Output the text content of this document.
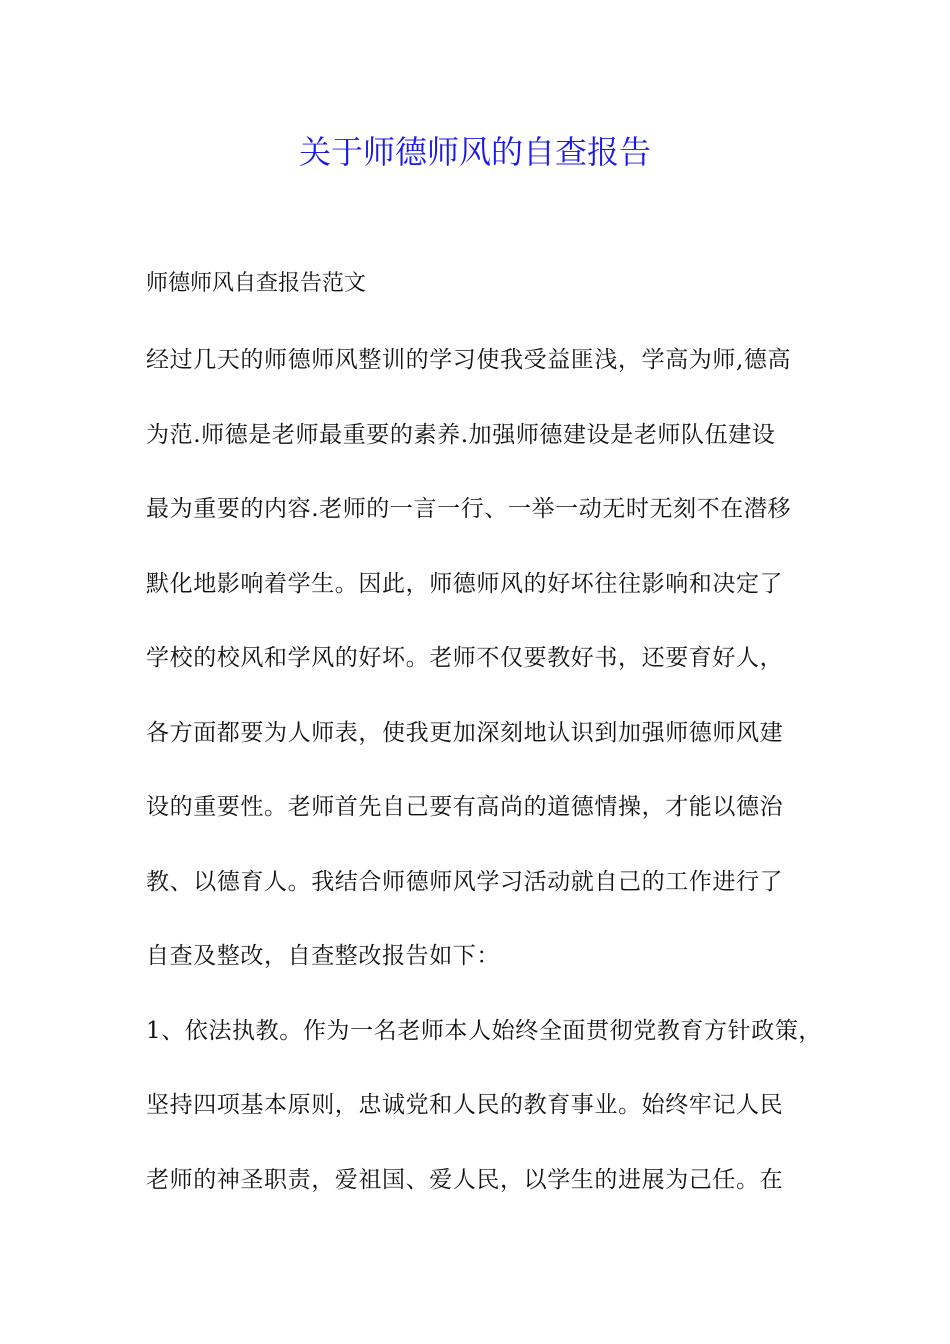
关于师德师风的自查报告
师德师风自查报告范文
经过几天的师德师风整训的学习使我受益匪浅，学高为师,德高
为范.师德是老师最重要的素养.加强师德建设是老师队伍建设
最为重要的内容.老师的一言一行、一举一动无时无刻不在潜移
默化地影响着学生。因此，师德师风的好坏往往影响和决定了
学校的校风和学风的好坏。老师不仅要教好书，还要育好人，
各方面都要为人师表，使我更加深刻地认识到加强师德师风建
设的重要性。老师首先自己要有高尚的道德情操，才能以德治
教、以德育人。我结合师德师风学习活动就自己的工作进行了
自查及整改，自查整改报告如下：
1、依法执教。作为一名老师本人始终全面贯彻党教育方针政策，
坚持四项基本原则，忠诚党和人民的教育事业。始终牢记人民
老师的神圣职责，爱祖国、爱人民，以学生的进展为己任。在
